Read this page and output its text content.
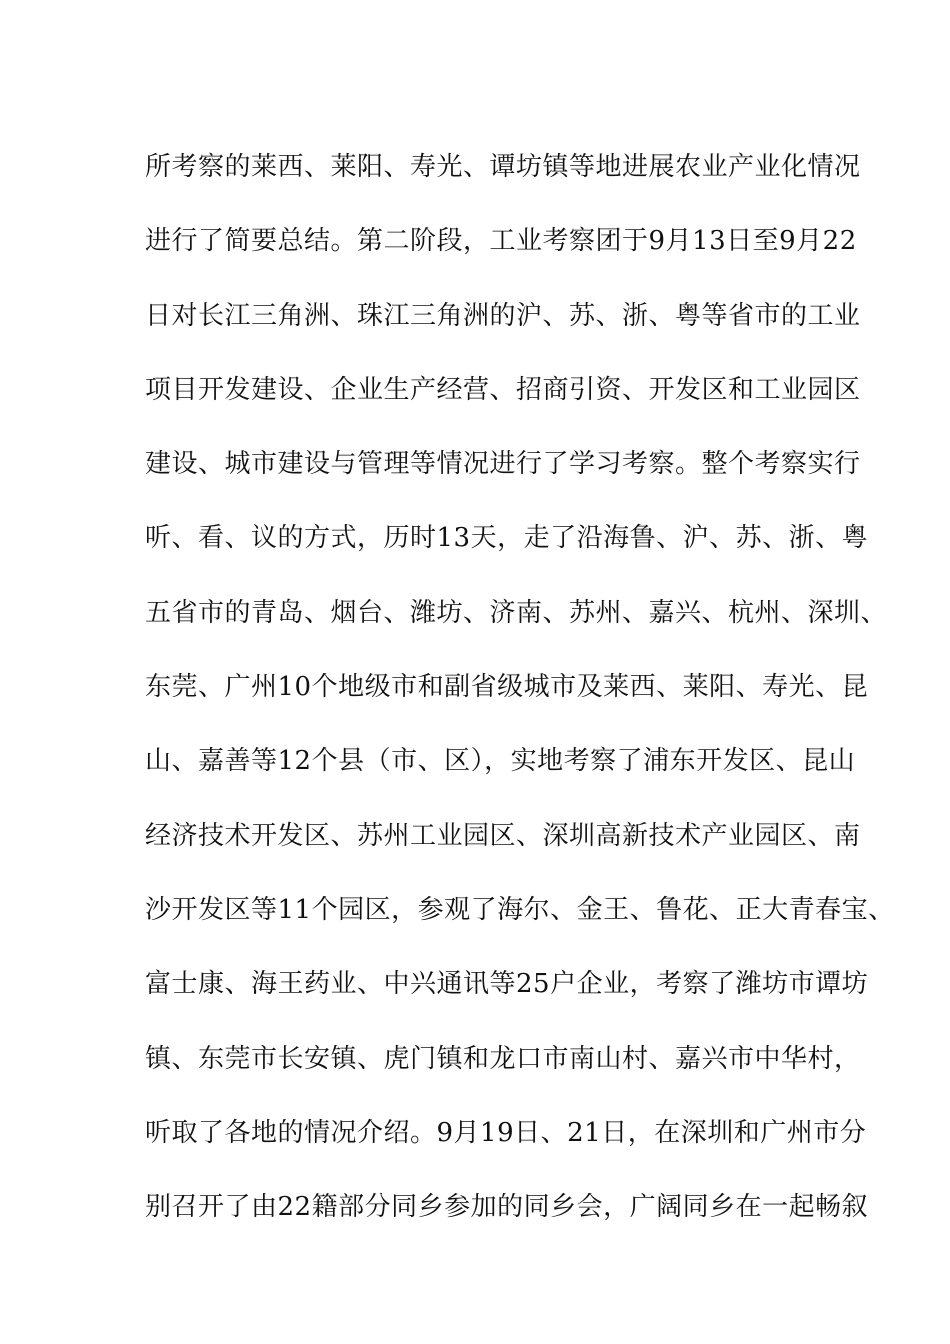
所考察的莱西、莱阳、寿光、谭坊镇等地进展农业产业化情况
进行了简要总结。第二阶段，工业考察团于9月13日至9月22
日对长江三角洲、珠江三角洲的沪、苏、浙、粤等省市的工业
项目开发建设、企业生产经营、招商引资、开发区和工业园区
建设、城市建设与管理等情况进行了学习考察。整个考察实行
听、看、议的方式，历时13天，走了沿海鲁、沪、苏、浙、粤
五省市的青岛、烟台、潍坊、济南、苏州、嘉兴、杭州、深圳、
东莞、广州10个地级市和副省级城市及莱西、莱阳、寿光、昆
山、嘉善等12个县（市、区），实地考察了浦东开发区、昆山
经济技术开发区、苏州工业园区、深圳高新技术产业园区、南
沙开发区等11个园区，参观了海尔、金王、鲁花、正大青春宝、
富士康、海王药业、中兴通讯等25户企业，考察了潍坊市谭坊
镇、东莞市长安镇、虎门镇和龙口市南山村、嘉兴市中华村，
听取了各地的情况介绍。9月19日、21日，在深圳和广州市分
别召开了由22籍部分同乡参加的同乡会，广阔同乡在一起畅叙
